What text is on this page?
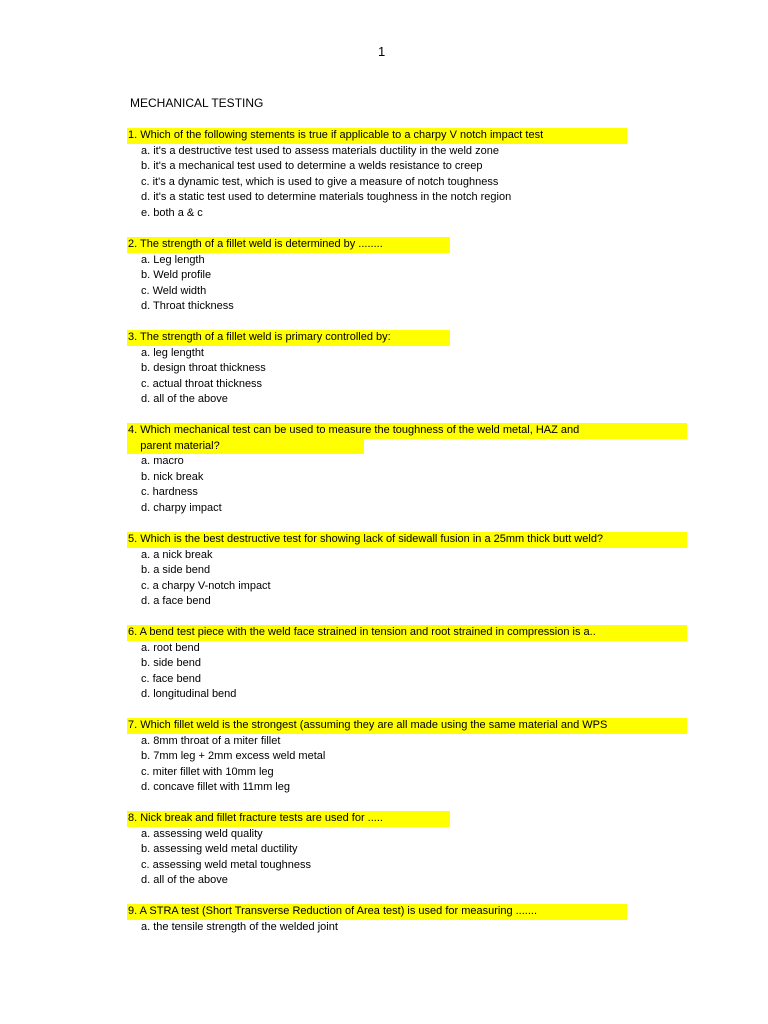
1
MECHANICAL TESTING
1. Which of the following stements is true if applicable to a charpy V notch impact test
a. it's a destructive test used to assess materials ductility in the weld zone
b. it's a mechanical test used to determine a welds resistance to creep
c. it's a dynamic test, which is used to give a measure of notch toughness
d. it's a static test used to determine materials toughness in the notch region
e. both a & c
2. The strength of a fillet weld is determined by ........
a. Leg length
b. Weld profile
c. Weld width
d. Throat thickness
3. The strength of a fillet weld is primary controlled by:
a. leg lengtht
b. design throat thickness
c. actual throat thickness
d. all of the above
4. Which mechanical test can be used to measure the toughness of the weld metal, HAZ and
parent material?
a. macro
b. nick break
c. hardness
d. charpy impact
5. Which is the best destructive test for showing lack of sidewall fusion in a 25mm thick butt weld?
a. a nick break
b. a side bend
c. a charpy V-notch impact
d. a face bend
6. A bend test piece with the weld face strained in tension and root strained in compression is a..
a. root bend
b. side bend
c. face bend
d. longitudinal bend
7. Which fillet weld is the strongest (assuming they are all made using the same material and WPS
a. 8mm throat of a miter fillet
b. 7mm leg + 2mm excess weld metal
c. miter fillet with 10mm leg
d. concave fillet with 11mm leg
8. Nick break and fillet fracture tests are used for .....
a. assessing weld quality
b. assessing weld metal ductility
c. assessing weld metal toughness
d. all of the above
9. A STRA test (Short Transverse Reduction of Area test) is used for measuring .......
a. the tensile strength of the welded joint
